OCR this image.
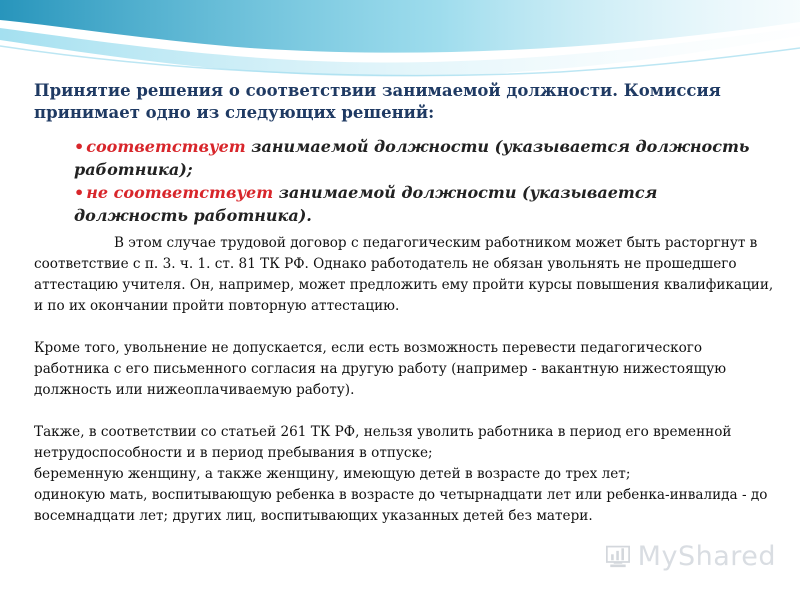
Принятие решения о соответствии занимаемой должности. Комиссия принимает одно из следующих решений:
• соответствует занимаемой должности (указывается должность работника);
• не соответствует занимаемой должности (указывается должность работника).

В этом случае трудовой договор с педагогическим работником может быть расторгнут в соответствие с п. 3. ч. 1. ст. 81 ТК РФ. Однако работодатель не обязан увольнять не прошедшего аттестацию учителя. Он, например, может предложить ему пройти курсы повышения квалификации, и по их окончании пройти повторную аттестацию.

Кроме того, увольнение не допускается, если есть возможность перевести педагогического работника с его письменного согласия на другую работу (например - вакантную нижестоящую должность или нижеоплачиваемую работу).

Также, в соответствии со статьей 261 ТК РФ, нельзя уволить работника в период его временной нетрудоспособности и в период пребывания в отпуске;

беременную женщину, а также женщину, имеющую детей в возрасте до трех лет;

одинокую мать, воспитывающую ребенка в возрасте до четырнадцати лет или ребенка-инвалида - до восемнадцати лет; других лиц, воспитывающих указанных детей без матери.

MyShared
